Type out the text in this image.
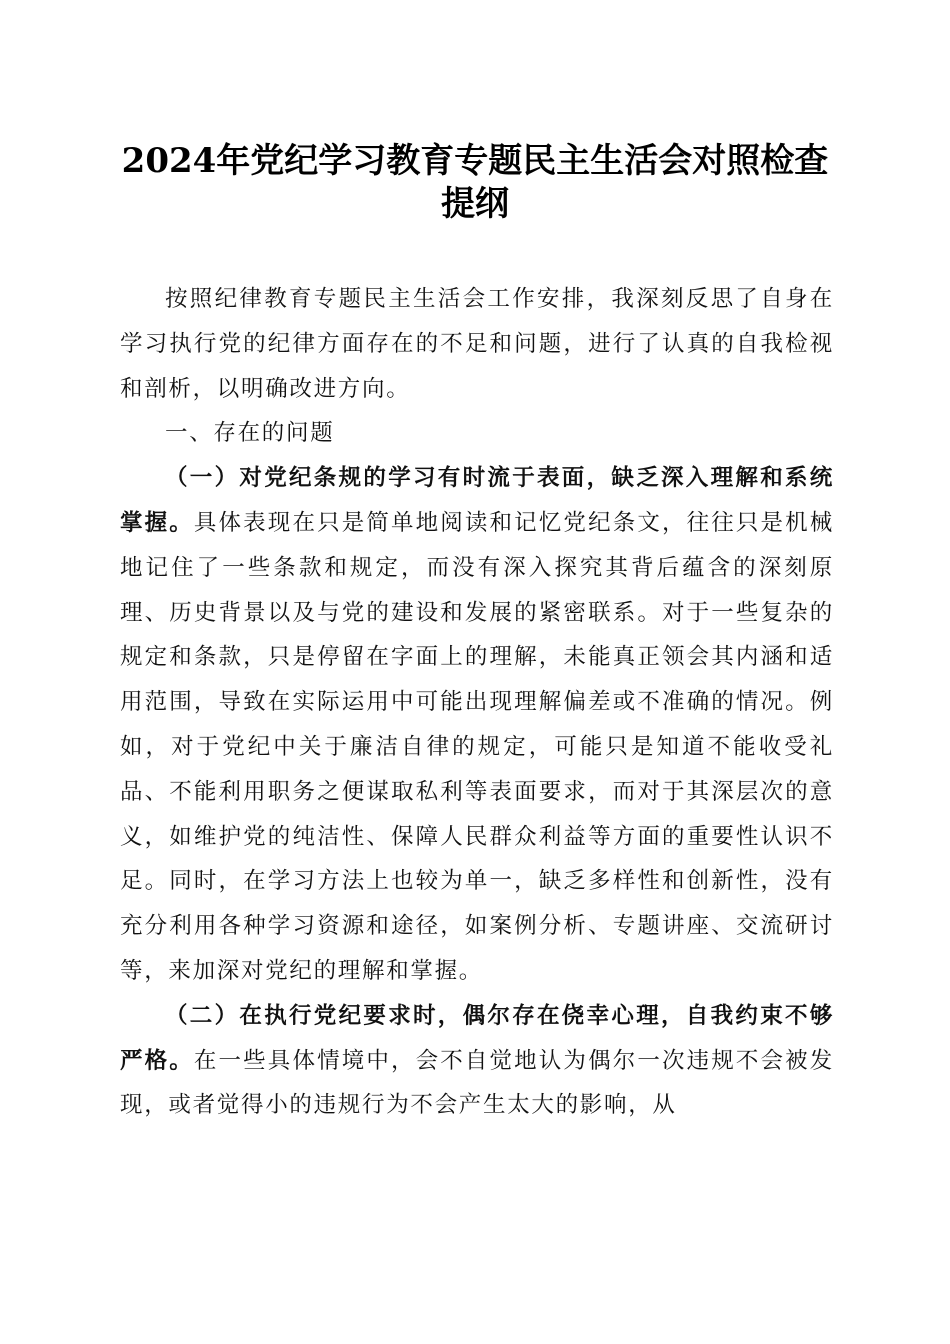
2024年党纪学习教育专题民主生活会对照检查提纲

按照纪律教育专题民主生活会工作安排，我深刻反思了自身在学习执行党的纪律方面存在的不足和问题，进行了认真的自我检视和剖析，以明确改进方向。

一、存在的问题

（一）对党纪条规的学习有时流于表面，缺乏深入理解和系统掌握。具体表现在只是简单地阅读和记忆党纪条文，往往只是机械地记住了一些条款和规定，而没有深入探究其背后蕴含的深刻原理、历史背景以及与党的建设和发展的紧密联系。对于一些复杂的规定和条款，只是停留在字面上的理解，未能真正领会其内涵和适用范围，导致在实际运用中可能出现理解偏差或不准确的情况。例如，对于党纪中关于廉洁自律的规定，可能只是知道不能收受礼品、不能利用职务之便谋取私利等表面要求，而对于其深层次的意义，如维护党的纯洁性、保障人民群众利益等方面的重要性认识不足。同时，在学习方法上也较为单一，缺乏多样性和创新性，没有充分利用各种学习资源和途径，如案例分析、专题讲座、交流研讨等，来加深对党纪的理解和掌握。

（二）在执行党纪要求时，偶尔存在侥幸心理，自我约束不够严格。在一些具体情境中，会不自觉地认为偶尔一次违规不会被发现，或者觉得小的违规行为不会产生太大的影响，从
